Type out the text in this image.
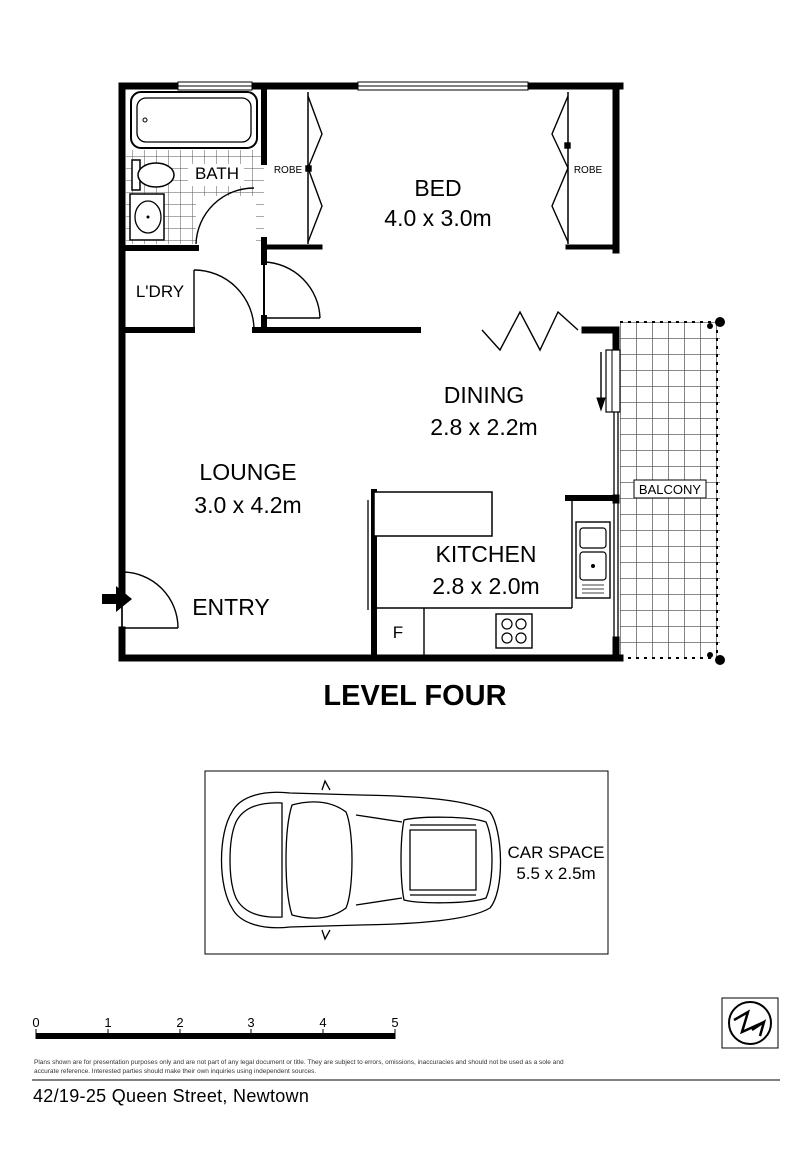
BATH	ROBE	ROBE
BED
4.0 x 3.0m
L'DRY
DINING
2.8 x 2.2m
LOUNGE
3.0 x 4.2m
KITCHEN
2.8 x 2.0m
ENTRY
F
BALCONY
LEVEL FOUR
CAR SPACE
5.5 x 2.5m
0	1	2	3	4	5
Plans shown are for presentation purposes only and are not part of any legal document or title. They are subject to errors, omissions, inaccuracies and should not be used as a sole and
accurate reference. Interested parties should make their own inquiries using independent sources.
42/19-25 Queen Street, Newtown
